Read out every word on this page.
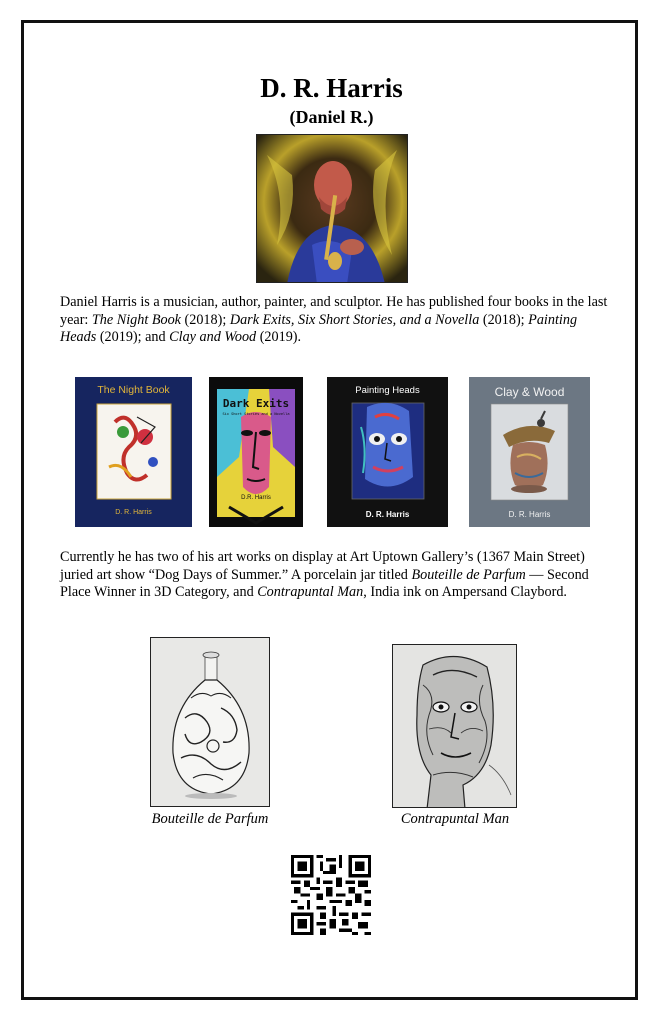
D. R. Harris
(Daniel R.)

Daniel Harris is a musician, author, painter, and sculptor. He has published four books in the last year: The Night Book (2018); Dark Exits, Six Short Stories, and a Novella (2018); Painting Heads (2019); and Clay and Wood (2019).

The Night Book
D. R. Harris
Dark Exits
Six Short Stories and a Novella
D.R. Harris
Painting Heads
D. R. Harris
Clay & Wood
D. R. Harris

Currently he has two of his art works on display at Art Uptown Gallery’s (1367 Main Street) juried art show “Dog Days of Summer.” A porcelain jar titled Bouteille de Parfum — Second Place Winner in 3D Category, and Contrapuntal Man, India ink on Ampersand Claybord.

Bouteille de Parfum	Contrapuntal Man
